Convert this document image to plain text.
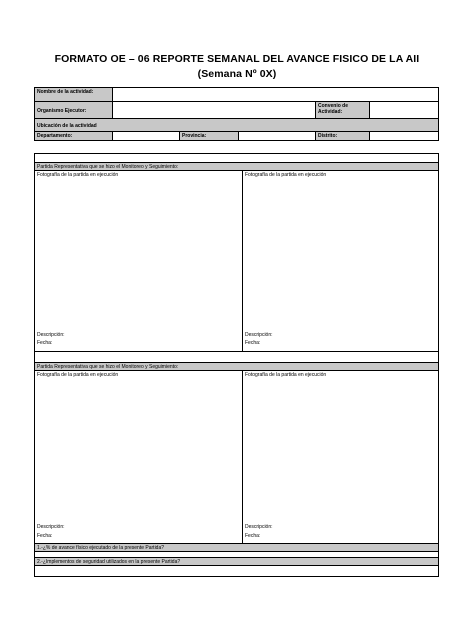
FORMATO OE – 06 REPORTE SEMANAL DEL AVANCE FISICO DE LA AII
(Semana Nº 0X)
Nombre de la actividad:
Organismo Ejecutor:
Convenio de Actividad:
Ubicación de la actividad
Departamento:	Provincia:	Distrito:
Partida Representativa que se hizo el Monitoreo y Seguimiento:
Fotografía de la partida en ejecución	Fotografía de la partida en ejecución
Descripción:
Fecha:
Descripción:
Fecha:
Partida Representativa que se hizo el Monitoreo y Seguimiento:
Fotografía de la partida en ejecución	Fotografía de la partida en ejecución
Descripción:
Fecha:
Descripción:
Fecha:
1.-¿% de avance físico ejecutado de la presente Partida?
2.-¿Implementos de seguridad utilizados en la presente Partida?
